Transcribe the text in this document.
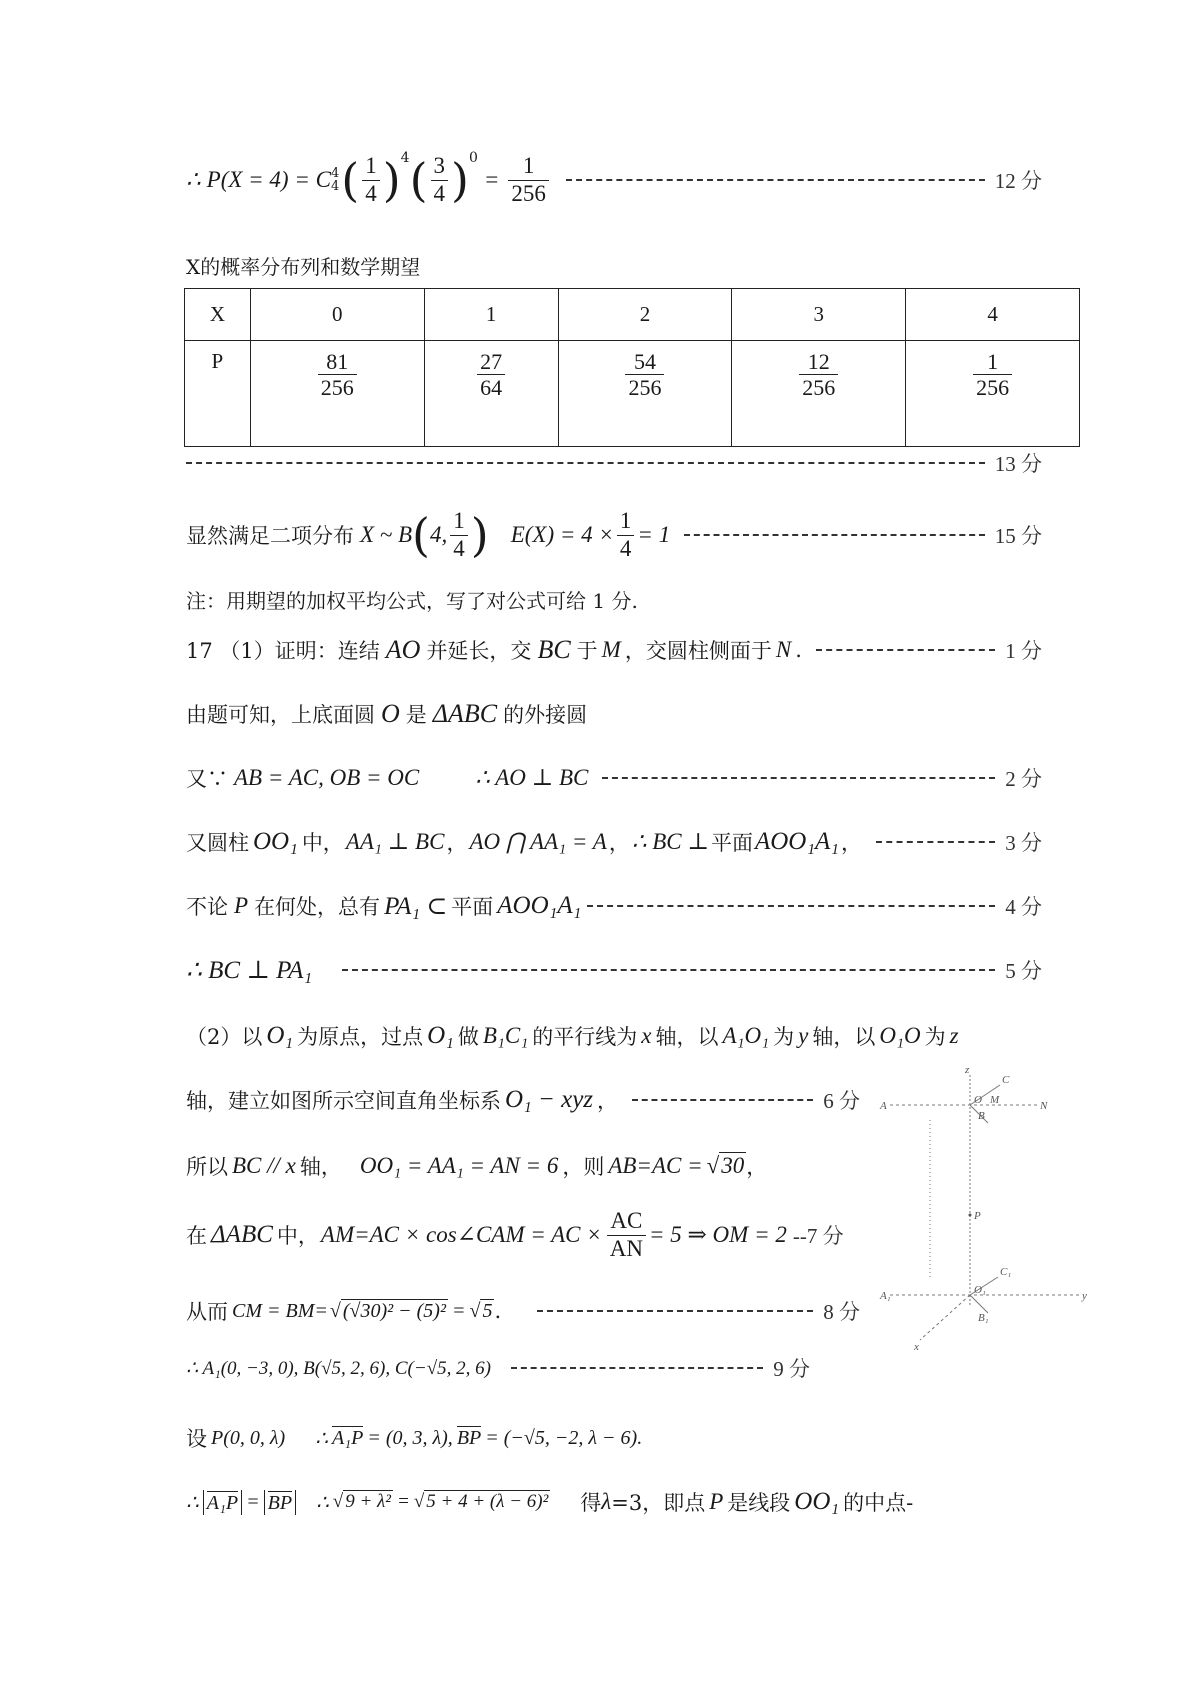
∴ P(X = 4) = C 4
4 ( $\frac{1}{4} )^4$ ( $\frac{3}{4} )^0$
= $\frac{1}{256}$	12 分
X的概率分布列和数学期望
X	0	1	2	3	4
P	$\frac{81}{256}$	$\frac{27}{64}$	$\frac{54}{256}$	$\frac{12}{256}$	$\frac{1}{256}$
13 分
显然满足二项分布 X ~ B ( 4, $\frac{1}{4}$ ) $E(X) = 4 \times \frac{1}{4} = 1$	15 分
注：用期望的加权平均公式，写了对公式可给 1 分.
17 （1）证明：连结 AO 并延长，交 BC 于 M ，交圆柱侧面于 N .	1 分
由题可知，上底面圆 O 是 ΔABC 的外接圆
又∵ AB = AC, OB = OC ∴ AO ⊥ BC	2 分
又圆柱 OO₁ 中， AA₁ ⊥ BC ， AO ⋂ AA₁ = A ， ∴ BC ⊥ 平面 AOO₁A₁ ，	3 分
不论 P 在何处，总有 PA₁ ⊂ 平面 AOO₁A₁	4 分
∴ BC ⊥ PA₁	5 分
（2）以 O₁ 为原点，过点 O₁ 做 B₁C₁ 的平行线为 x 轴，以 A₁O₁ 为 y 轴，以 O₁O 为 z
轴，建立如图所示空间直角坐标系 O₁ − xyz ，	6 分
所以 BC // x 轴， OO₁ = AA₁ = AN = 6 ，则 AB=AC = √30 ，
在 ΔABC 中， AM=AC × cos∠CAM = AC × $\frac{AC}{AN} = 5$ ⇒ OM = 2 --7 分
从而 CM = BM= √ (√30)² − (5)² = √ 5 .	8 分
∴ A₁(0, −3, 0), B(√5, 2, 6), C(−√5, 2, 6)	9 分
设 P(0, 0, λ) ∴ A₁P = (0, 3, λ), BP = (−√5, −2, λ − 6).
∴ A₁P = BP ∴ √ 9 + λ² = √ 5 + 4 + (λ − 6)² 得 λ =3，即点 P 是线段 OO₁ 的中点-
z
C
A	O M
B
N
P
C₁
A₁	O₁
B₁
y
x
